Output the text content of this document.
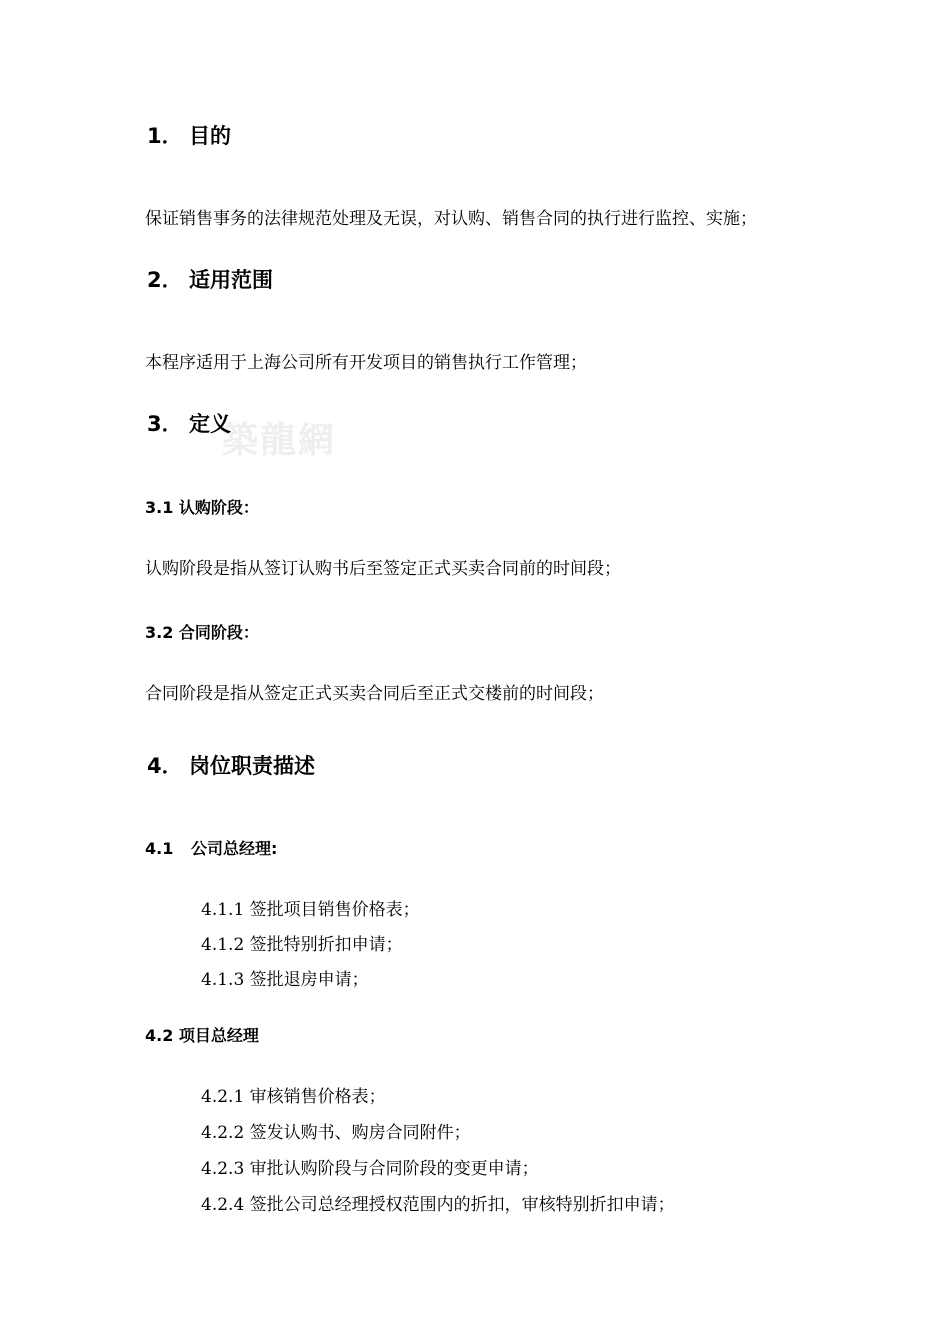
築龍網
1． 目的
保证销售事务的法律规范处理及无误，对认购、销售合同的执行进行监控、实施；
2． 适用范围
本程序适用于上海公司所有开发项目的销售执行工作管理；
3． 定义
3.1 认购阶段：
认购阶段是指从签订认购书后至签定正式买卖合同前的时间段；
3.2 合同阶段：
合同阶段是指从签定正式买卖合同后至正式交楼前的时间段；
4． 岗位职责描述
4.1 公司总经理:
4.1.1 签批项目销售价格表；
4.1.2 签批特别折扣申请；
4.1.3 签批退房申请；
4.2 项目总经理
4.2.1 审核销售价格表；
4.2.2 签发认购书、购房合同附件；
4.2.3 审批认购阶段与合同阶段的变更申请；
4.2.4 签批公司总经理授权范围内的折扣，审核特别折扣申请；
